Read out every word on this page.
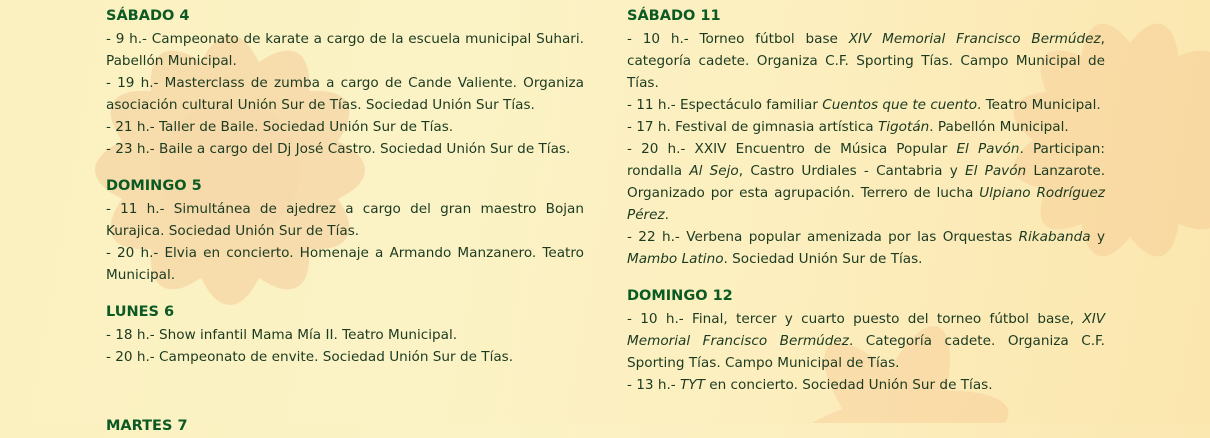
SÁBADO 4
- 9 h.- Campeonato de karate a cargo de la escuela municipal Suhari. Pabellón Municipal.
- 19 h.- Masterclass de zumba a cargo de Cande Valiente. Organiza asociación cultural Unión Sur de Tías. Sociedad Unión Sur Tías.
- 21 h.- Taller de Baile. Sociedad Unión Sur de Tías.
- 23 h.- Baile a cargo del Dj José Castro. Sociedad Unión Sur de Tías.
DOMINGO 5
- 11 h.- Simultánea de ajedrez a cargo del gran maestro Bojan Kurajica. Sociedad Unión Sur de Tías.
- 20 h.- Elvia en concierto. Homenaje a Armando Manzanero. Teatro Municipal.
LUNES 6
- 18 h.- Show infantil Mama Mía II. Teatro Municipal.
- 20 h.- Campeonato de envite. Sociedad Unión Sur de Tías.
MARTES 7
SÁBADO 11
- 10 h.- Torneo fútbol base XIV Memorial Francisco Bermúdez, categoría cadete. Organiza C.F. Sporting Tías. Campo Municipal de Tías.
- 11 h.- Espectáculo familiar Cuentos que te cuento. Teatro Municipal.
- 17 h. Festival de gimnasia artística Tigotán. Pabellón Municipal.
- 20 h.- XXIV Encuentro de Música Popular El Pavón. Participan: rondalla Al Sejo, Castro Urdiales - Cantabria y El Pavón Lanzarote. Organizado por esta agrupación. Terrero de lucha Ulpiano Rodríguez Pérez.
- 22 h.- Verbena popular amenizada por las Orquestas Rikabanda y Mambo Latino. Sociedad Unión Sur de Tías.
DOMINGO 12
- 10 h.- Final, tercer y cuarto puesto del torneo fútbol base, XIV Memorial Francisco Bermúdez. Categoría cadete. Organiza C.F. Sporting Tías. Campo Municipal de Tías.
- 13 h.- TYT en concierto. Sociedad Unión Sur de Tías.
